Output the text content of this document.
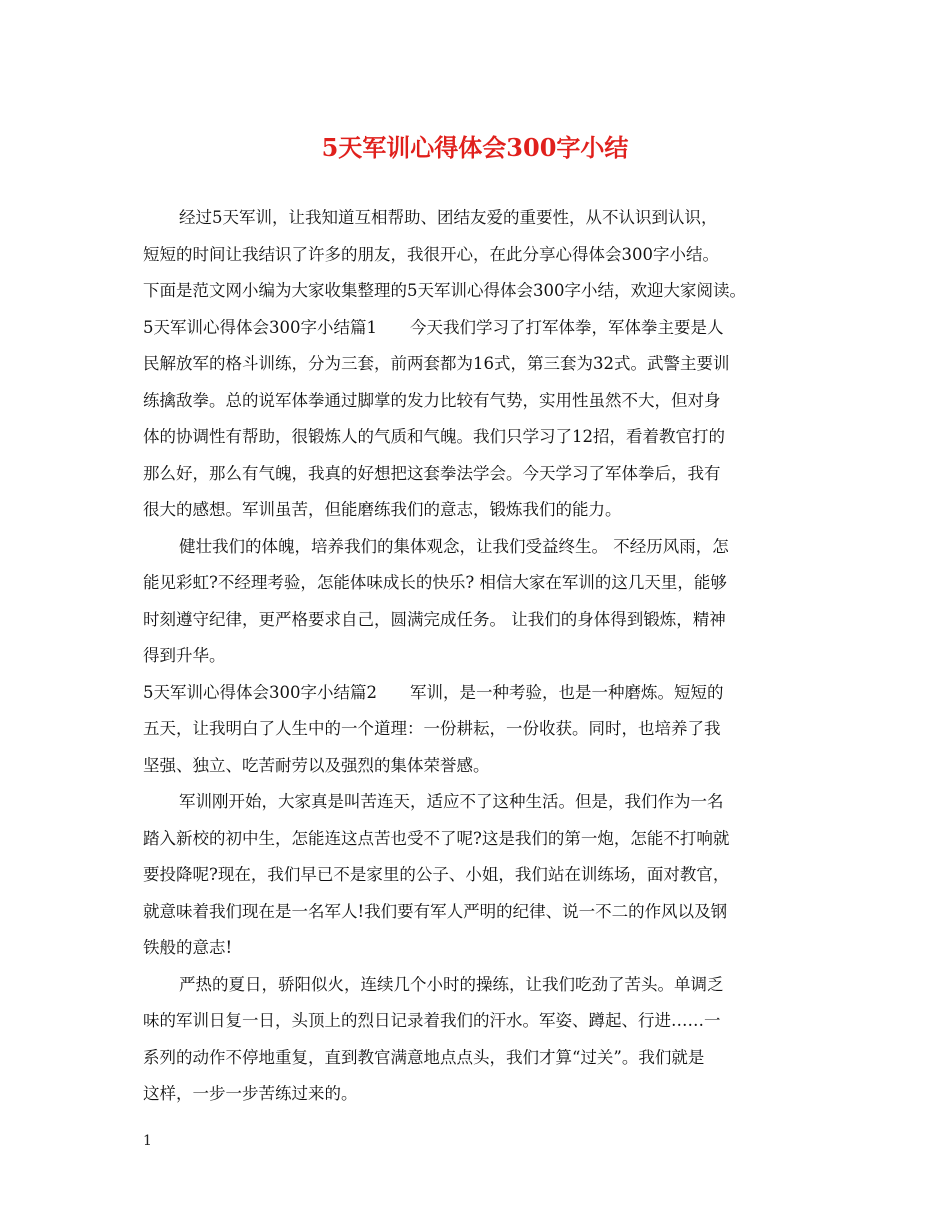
5天军训心得体会300字小结

经过5天军训，让我知道互相帮助、团结友爱的重要性，从不认识到认识，

短短的时间让我结识了许多的朋友，我很开心，在此分享心得体会300字小结。

下面是范文网小编为大家收集整理的5天军训心得体会300字小结，欢迎大家阅读。

5天军训心得体会300字小结篇1　　今天我们学习了打军体拳，军体拳主要是人

民解放军的格斗训练，分为三套，前两套都为16式，第三套为32式。武警主要训

练擒敌拳。总的说军体拳通过脚掌的发力比较有气势，实用性虽然不大，但对身

体的协调性有帮助，很锻炼人的气质和气魄。我们只学习了12招，看着教官打的

那么好，那么有气魄，我真的好想把这套拳法学会。今天学习了军体拳后，我有

很大的感想。军训虽苦，但能磨练我们的意志，锻炼我们的能力。

健壮我们的体魄，培养我们的集体观念，让我们受益终生。 不经历风雨，怎

能见彩虹?不经理考验，怎能体味成长的快乐? 相信大家在军训的这几天里，能够

时刻遵守纪律，更严格要求自己，圆满完成任务。 让我们的身体得到锻炼，精神

得到升华。

5天军训心得体会300字小结篇2　　军训，是一种考验，也是一种磨炼。短短的

五天，让我明白了人生中的一个道理：一份耕耘，一份收获。同时，也培养了我

坚强、独立、吃苦耐劳以及强烈的集体荣誉感。

军训刚开始，大家真是叫苦连天，适应不了这种生活。但是，我们作为一名

踏入新校的初中生，怎能连这点苦也受不了呢?这是我们的第一炮，怎能不打响就

要投降呢?现在，我们早已不是家里的公子、小姐，我们站在训练场，面对教官，

就意味着我们现在是一名军人!我们要有军人严明的纪律、说一不二的作风以及钢

铁般的意志!

严热的夏日，骄阳似火，连续几个小时的操练，让我们吃劲了苦头。单调乏

味的军训日复一日，头顶上的烈日记录着我们的汗水。军姿、蹲起、行进……一

系列的动作不停地重复，直到教官满意地点点头，我们才算“过关”。我们就是

这样，一步一步苦练过来的。

1
